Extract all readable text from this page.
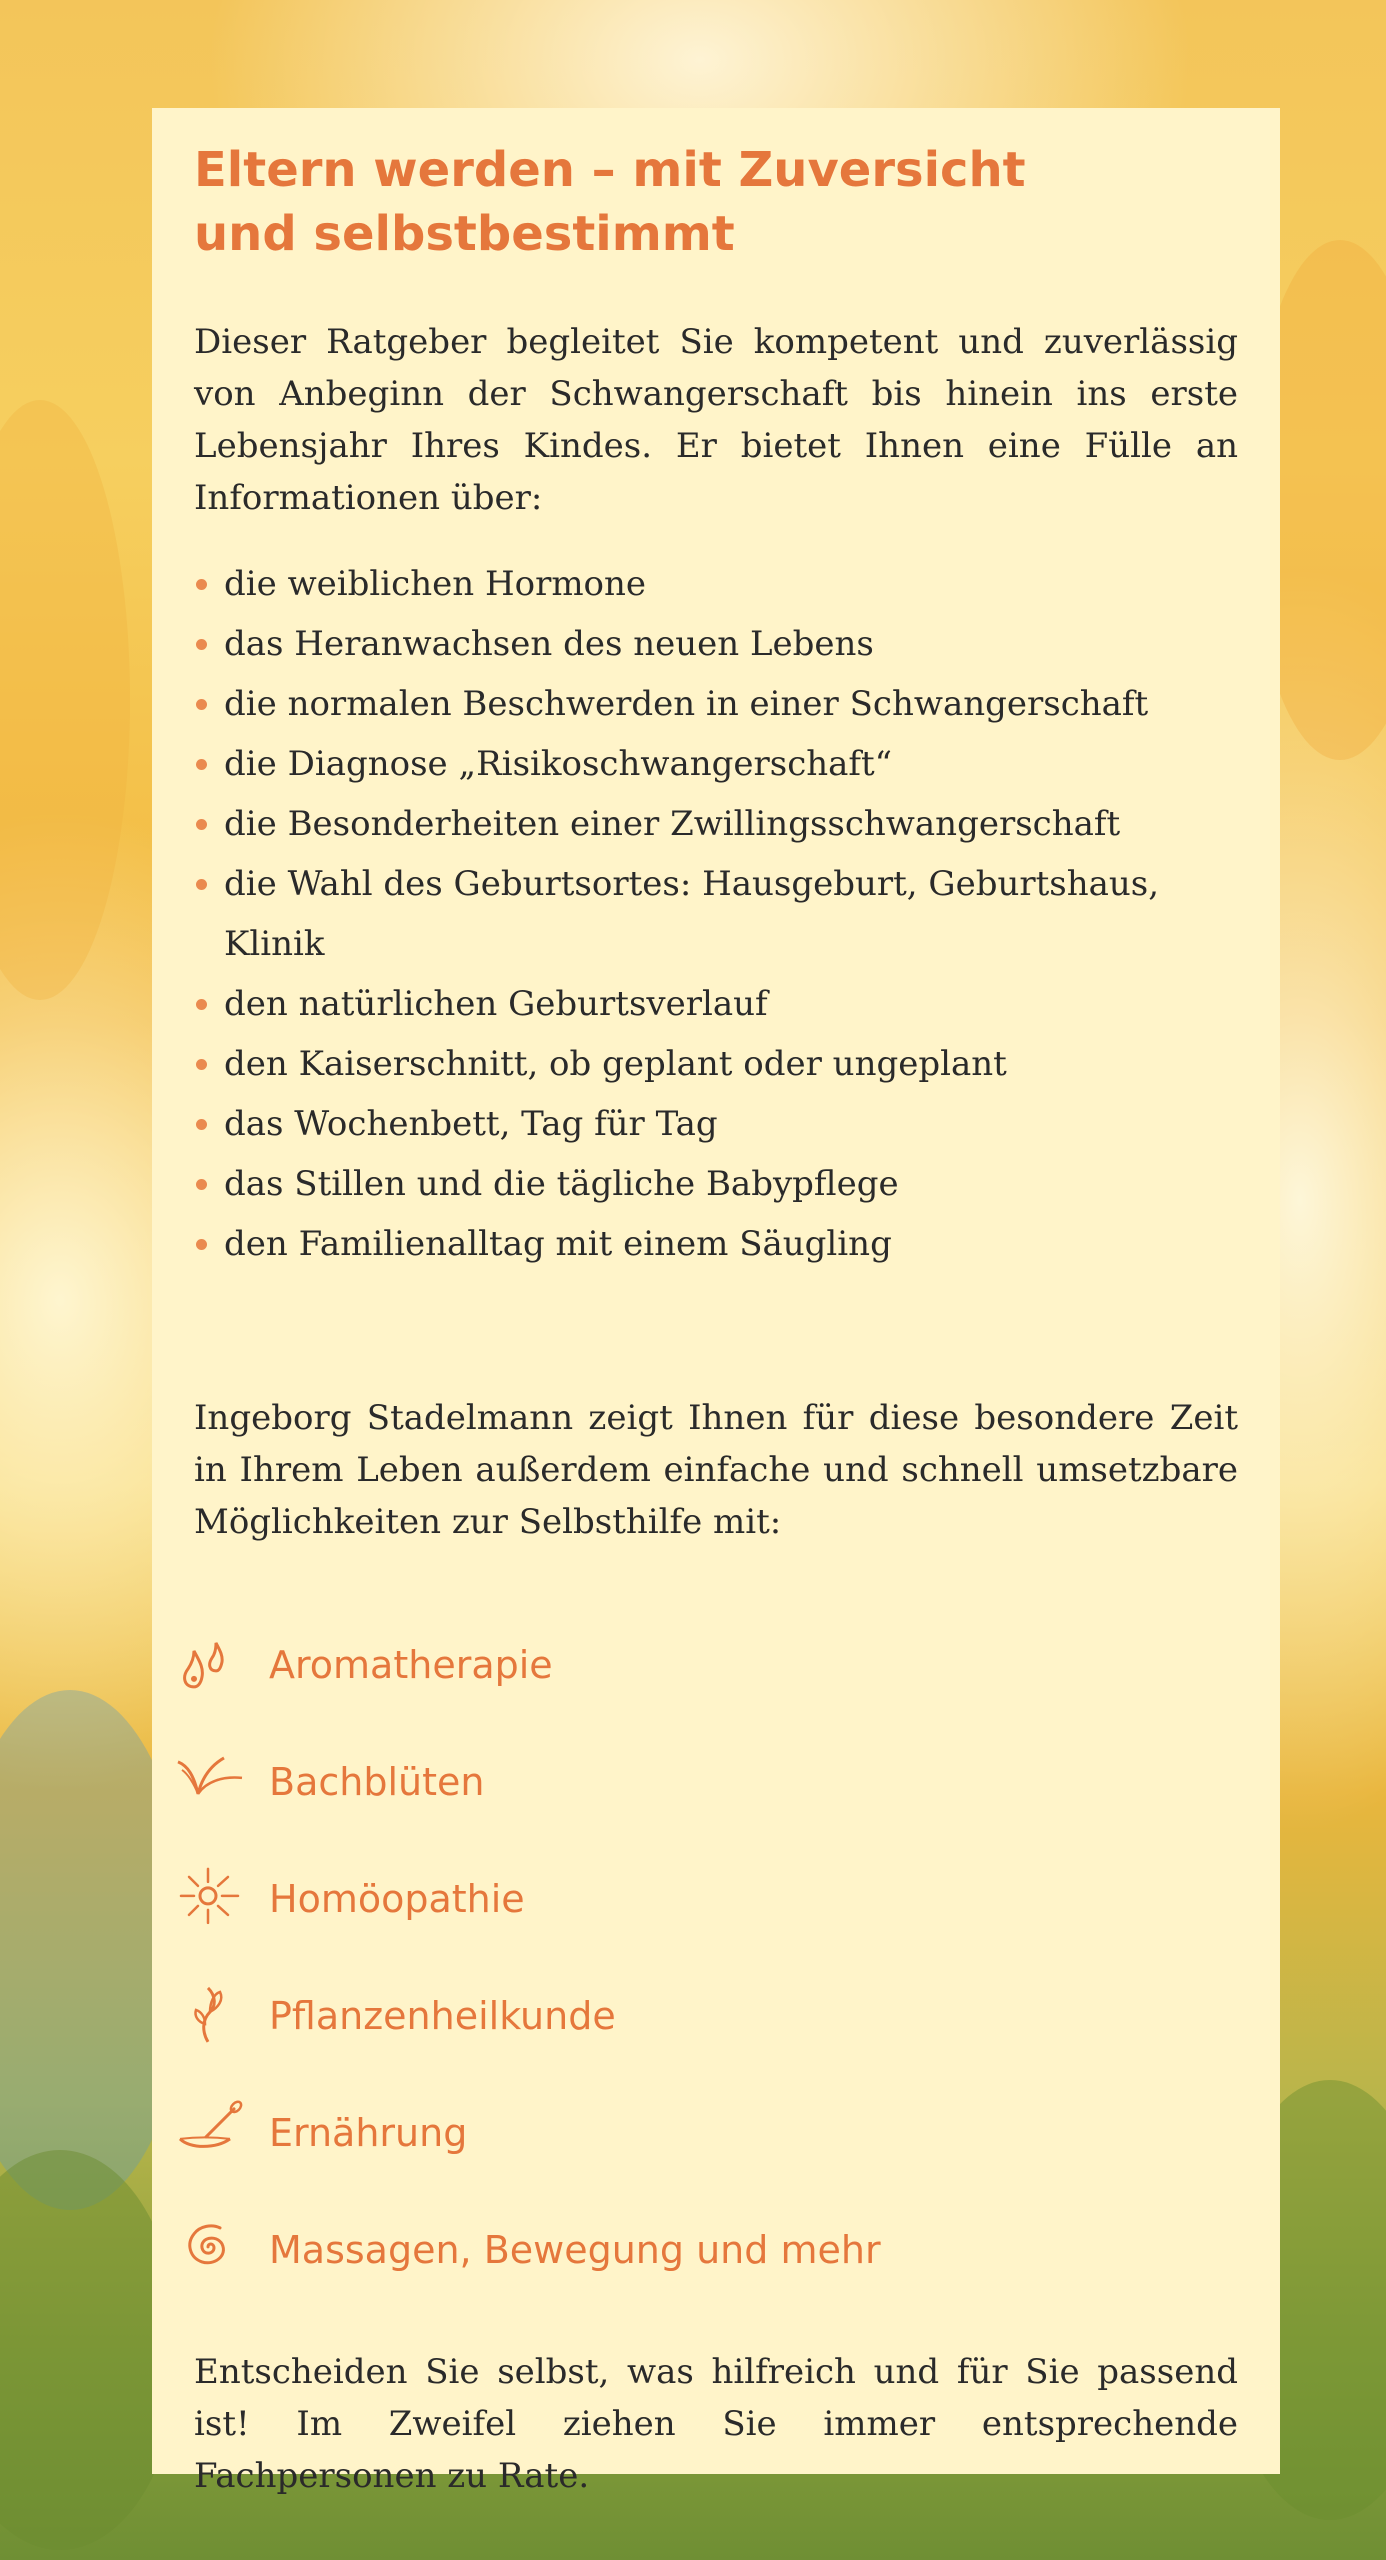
Eltern werden – mit Zuversicht
und selbstbestimmt

Dieser Ratgeber begleitet Sie kompetent und zuverlässig von Anbeginn der Schwangerschaft bis hinein ins erste Lebensjahr Ihres Kindes. Er bietet Ihnen eine Fülle an Informationen über:

die weiblichen Hormone
das Heranwachsen des neuen Lebens
die normalen Beschwerden in einer Schwangerschaft
die Diagnose „Risikoschwangerschaft“
die Besonderheiten einer Zwillingsschwangerschaft
die Wahl des Geburtsortes: Hausgeburt, Geburtshaus, Klinik
den natürlichen Geburtsverlauf
den Kaiserschnitt, ob geplant oder ungeplant
das Wochenbett, Tag für Tag
das Stillen und die tägliche Babypflege
den Familienalltag mit einem Säugling

Ingeborg Stadelmann zeigt Ihnen für diese besondere Zeit in Ihrem Leben außerdem einfache und schnell umsetzbare Möglichkeiten zur Selbsthilfe mit:

Aromatherapie
Bachblüten
Homöopathie
Pflanzenheilkunde
Ernährung
Massagen, Bewegung und mehr

Entscheiden Sie selbst, was hilfreich und für Sie passend ist! Im Zweifel ziehen Sie immer entsprechende Fachpersonen zu Rate.
